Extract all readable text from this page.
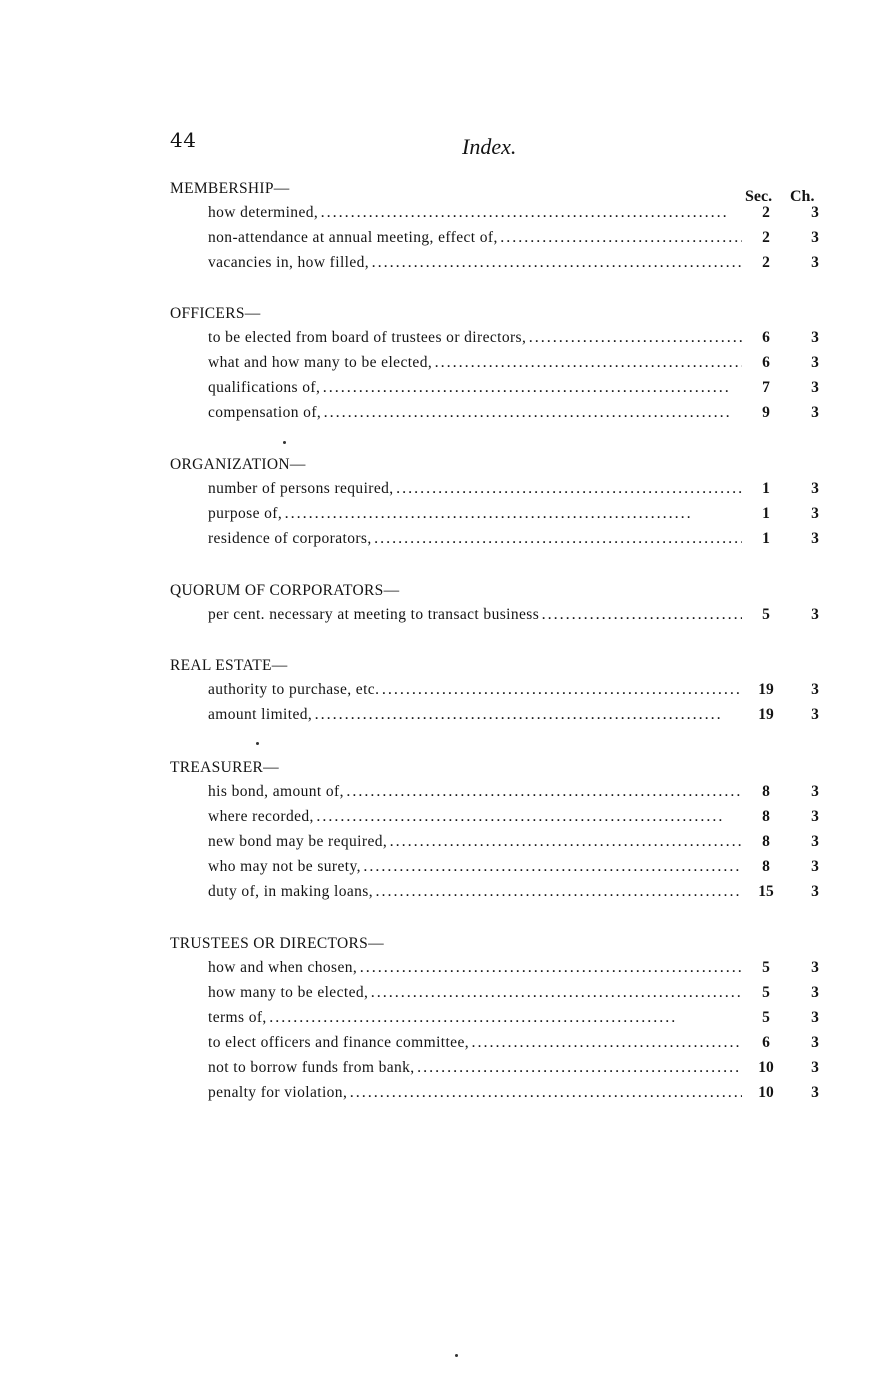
44	Index.
Sec. Ch.
MEMBERSHIP—
how determined, . . .	2	3
non-attendance at annual meeting, effect of, . . .	2	3
vacancies in, how filled, . . .	2	3
OFFICERS—
to be elected from board of trustees or directors, . . .	6	3
what and how many to be elected, . . .	6	3
qualifications of, . . .	7	3
compensation of, . . .	9	3
ORGANIZATION—
number of persons required, . . .	1	3
purpose of, . . .	1	3
residence of corporators, . . .	1	3
QUORUM OF CORPORATORS—
per cent. necessary at meeting to transact business . . .	5	3
REAL ESTATE—
authority to purchase, etc. . . .	19	3
amount limited, . . .	19	3
TREASURER—
his bond, amount of, . . .	8	3
where recorded, . . .	8	3
new bond may be required, . . .	8	3
who may not be surety, . . .	8	3
duty of, in making loans, . . .	15	3
TRUSTEES OR DIRECTORS—
how and when chosen, . . .	5	3
how many to be elected, . . .	5	3
terms of, . . .	5	3
to elect officers and finance committee, . . .	6	3
not to borrow funds from bank, . . .	10	3
penalty for violation, . . .	10	3
